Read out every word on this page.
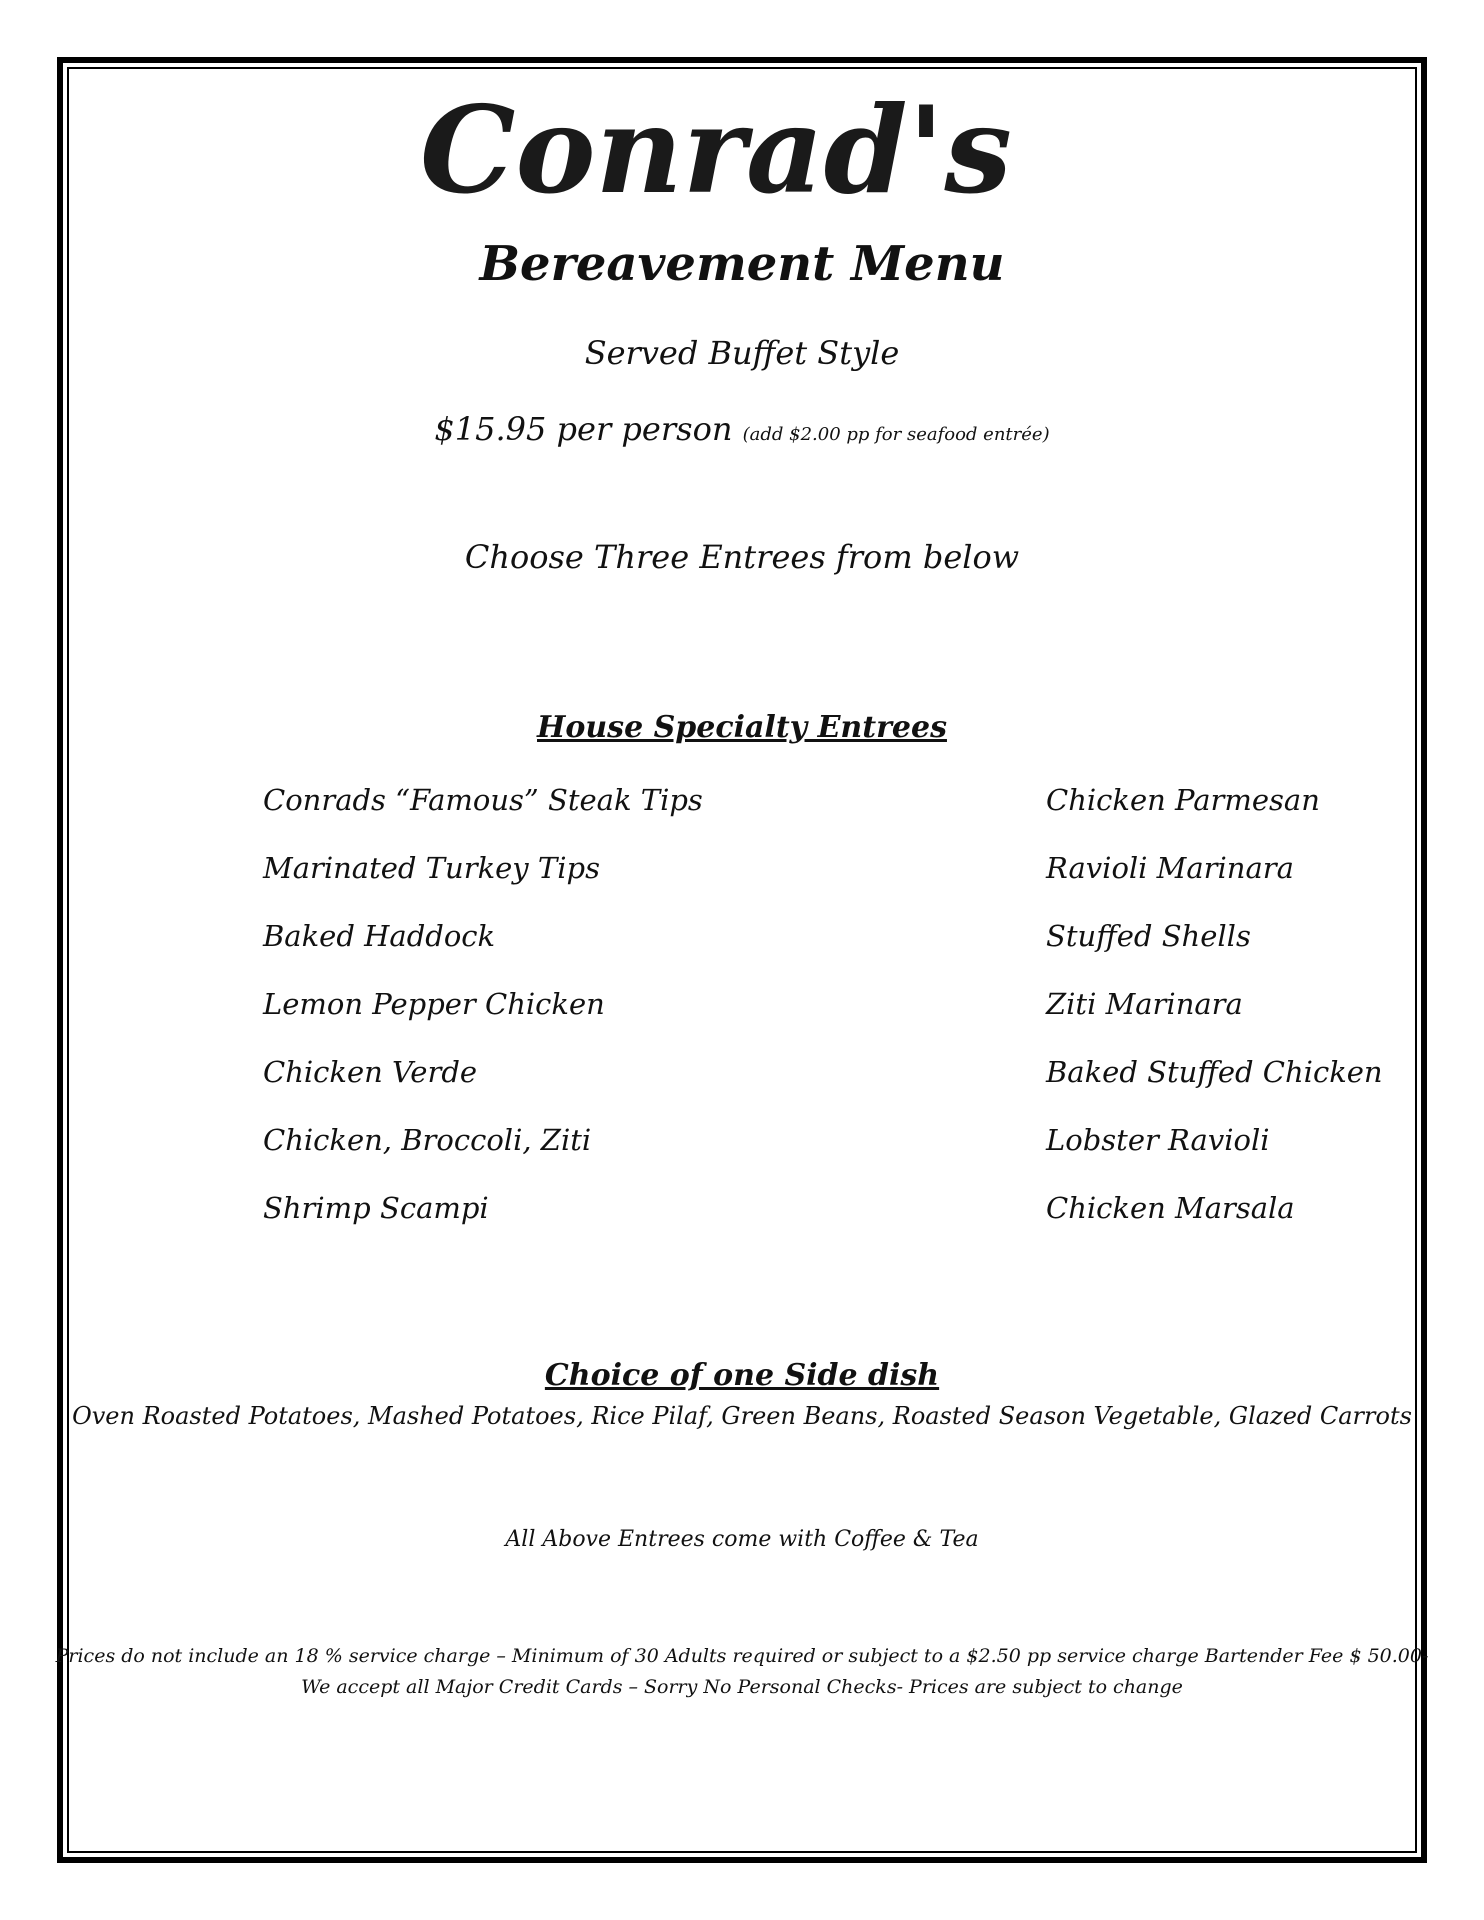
Conrad's
Bereavement Menu
Served Buffet Style
$15.95 per person (add $2.00 pp for seafood entrée)
Choose Three Entrees from below
House Specialty Entrees
Conrads “Famous” Steak Tips
Marinated Turkey Tips
Baked Haddock
Lemon Pepper Chicken
Chicken Verde
Chicken, Broccoli, Ziti
Shrimp Scampi
Chicken Parmesan
Ravioli Marinara
Stuffed Shells
Ziti Marinara
Baked Stuffed Chicken
Lobster Ravioli
Chicken Marsala
Choice of one Side dish
Oven Roasted Potatoes, Mashed Potatoes, Rice Pilaf, Green Beans, Roasted Season Vegetable, Glazed Carrots
All Above Entrees come with Coffee & Tea
Prices do not include an 18 % service charge – Minimum of 30 Adults required or subject to a $2.50 pp service charge Bartender Fee $ 50.00-
We accept all Major Credit Cards – Sorry No Personal Checks- Prices are subject to change
